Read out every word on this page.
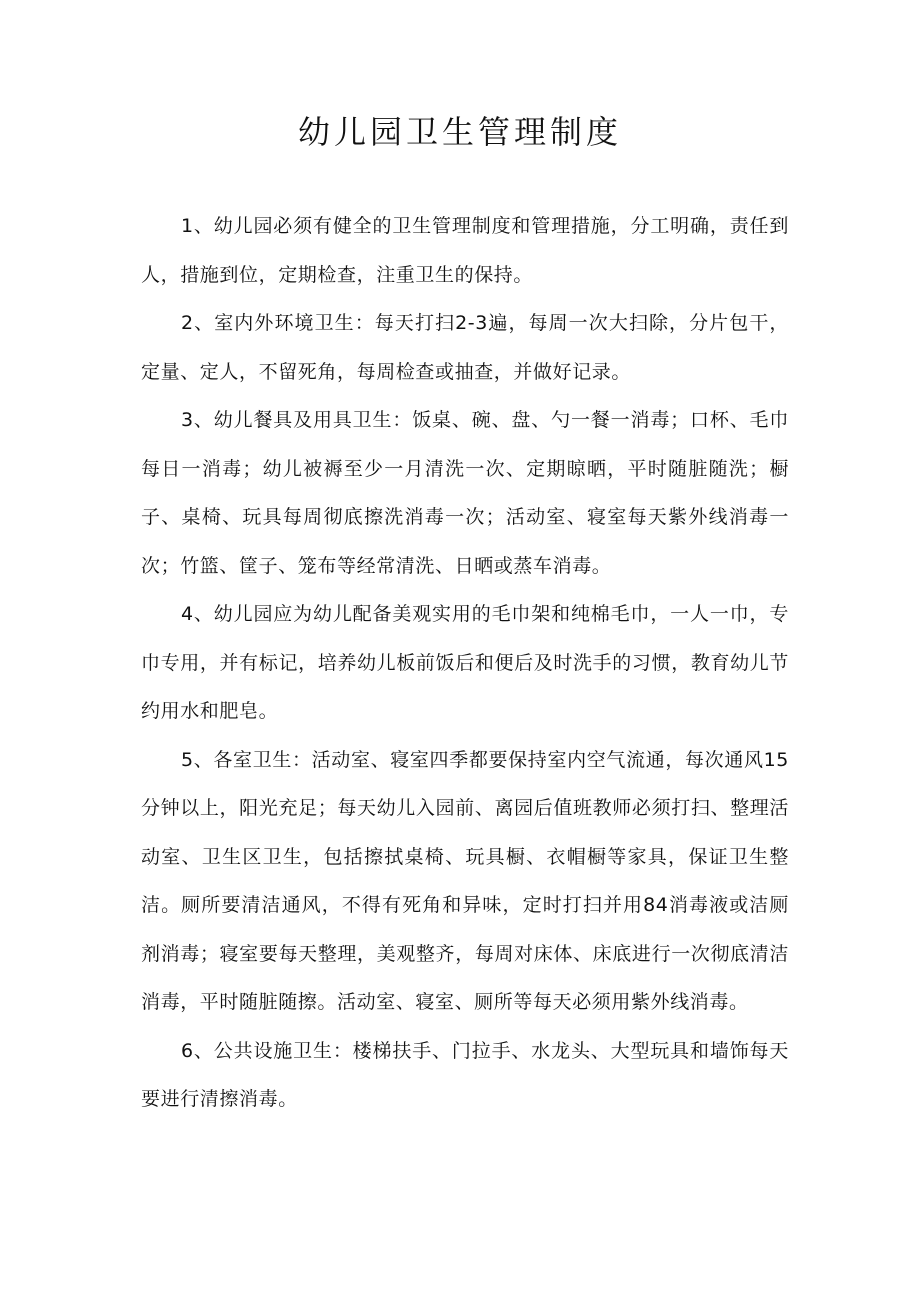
幼儿园卫生管理制度

1、幼儿园必须有健全的卫生管理制度和管理措施，分工明确，责任到人，措施到位，定期检查，注重卫生的保持。

2、室内外环境卫生：每天打扫2-3遍，每周一次大扫除，分片包干，定量、定人，不留死角，每周检查或抽查，并做好记录。

3、幼儿餐具及用具卫生：饭桌、碗、盘、勺一餐一消毒；口杯、毛巾每日一消毒；幼儿被褥至少一月清洗一次、定期晾晒，平时随脏随洗；橱子、桌椅、玩具每周彻底擦洗消毒一次；活动室、寝室每天紫外线消毒一次；竹篮、筐子、笼布等经常清洗、日晒或蒸车消毒。

4、幼儿园应为幼儿配备美观实用的毛巾架和纯棉毛巾，一人一巾，专巾专用，并有标记，培养幼儿板前饭后和便后及时洗手的习惯，教育幼儿节约用水和肥皂。

5、各室卫生：活动室、寝室四季都要保持室内空气流通，每次通风15分钟以上，阳光充足；每天幼儿入园前、离园后值班教师必须打扫、整理活动室、卫生区卫生，包括擦拭桌椅、玩具橱、衣帽橱等家具，保证卫生整洁。厕所要清洁通风，不得有死角和异味，定时打扫并用84消毒液或洁厕剂消毒；寝室要每天整理，美观整齐，每周对床体、床底进行一次彻底清洁消毒，平时随脏随擦。活动室、寝室、厕所等每天必须用紫外线消毒。

6、公共设施卫生：楼梯扶手、门拉手、水龙头、大型玩具和墙饰每天要进行清擦消毒。
